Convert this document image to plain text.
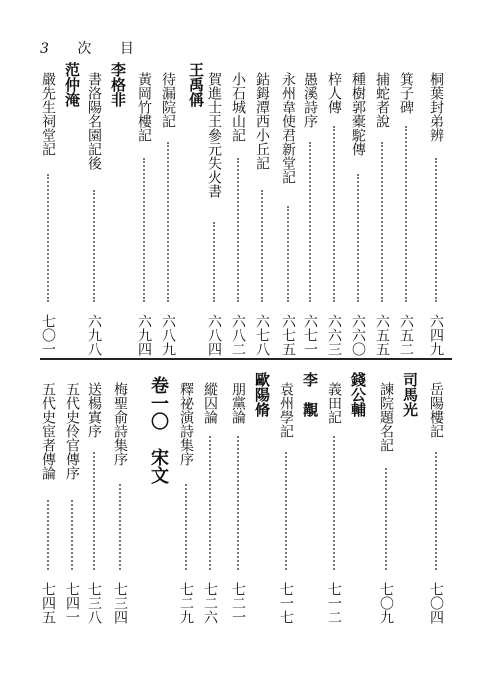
3 次 目
桐葉封弟辨
六四九
箕子碑
六五二
捕蛇者說
六五五
種樹郭橐駝傳
六六〇
梓人傳
六六三
愚溪詩序
六七一
永州韋使君新堂記
六七五
鈷鉧潭西小丘記
六七八
小石城山記
六八二
賀進士王參元失火書
六八四
王禹偁
待漏院記
六八九
黃岡竹樓記
六九四
李格非
書洛陽名園記後
六九八
范仲淹
嚴先生祠堂記
七〇一
岳陽樓記
七〇四
司馬光
諫院題名記
七〇九
錢公輔
義田記
七一二
李　覯
袁州學記
七一七
歐陽脩
朋黨論
七二一
縱囚論
七二六
釋祕演詩集序
七二九
卷一〇　宋文
梅聖俞詩集序
七三四
送楊寘序
七三八
五代史伶官傳序
七四一
五代史宦者傳論
七四五
